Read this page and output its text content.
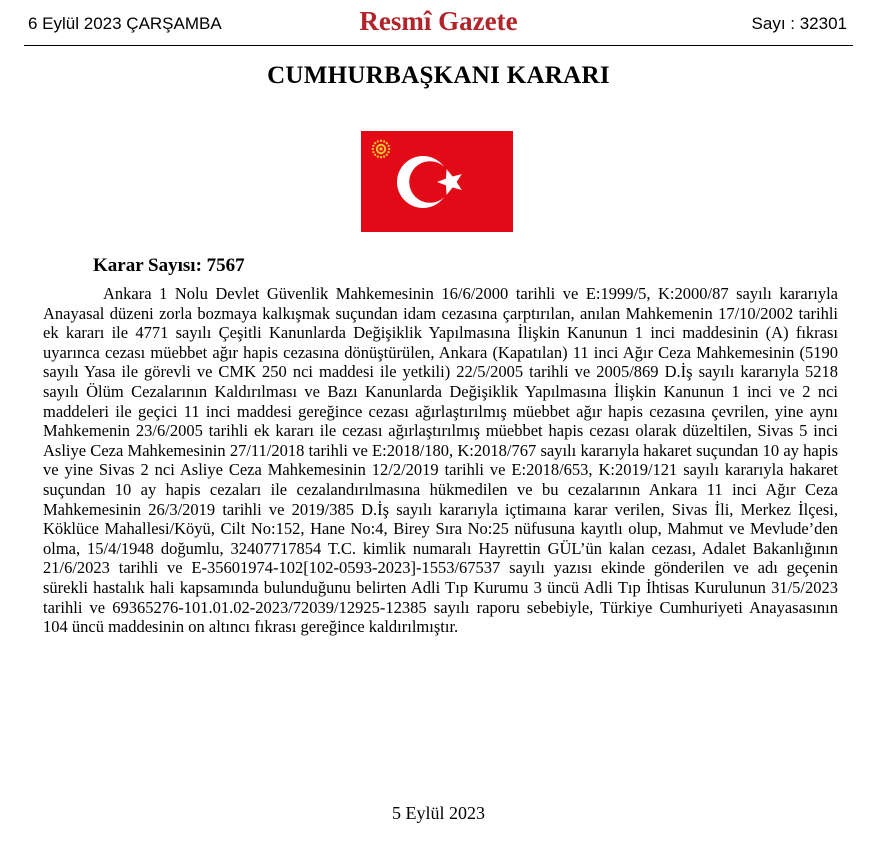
6 Eylül 2023 ÇARŞAMBA	Resmî Gazete	Sayı : 32301
CUMHURBAŞKANI KARARI
Karar Sayısı: 7567

Ankara 1 Nolu Devlet Güvenlik Mahkemesinin 16/6/2000 tarihli ve E:1999/5, K:2000/87 sayılı kararıyla Anayasal düzeni zorla bozmaya kalkışmak suçundan idam cezasına çarptırılan, anılan Mahkemenin 17/10/2002 tarihli ek kararı ile 4771 sayılı Çeşitli Kanunlarda Değişiklik Yapılmasına İlişkin Kanunun 1 inci maddesinin (A) fıkrası uyarınca cezası müebbet ağır hapis cezasına dönüştürülen, Ankara (Kapatılan) 11 inci Ağır Ceza Mahkemesinin (5190 sayılı Yasa ile görevli ve CMK 250 nci maddesi ile yetkili) 22/5/2005 tarihli ve 2005/869 D.İş sayılı kararıyla 5218 sayılı Ölüm Cezalarının Kaldırılması ve Bazı Kanunlarda Değişiklik Yapılmasına İlişkin Kanunun 1 inci ve 2 nci maddeleri ile geçici 11 inci maddesi gereğince cezası ağırlaştırılmış müebbet ağır hapis cezasına çevrilen, yine aynı Mahkemenin 23/6/2005 tarihli ek kararı ile cezası ağırlaştırılmış müebbet hapis cezası olarak düzeltilen, Sivas 5 inci Asliye Ceza Mahkemesinin 27/11/2018 tarihli ve E:2018/180, K:2018/767 sayılı kararıyla hakaret suçundan 10 ay hapis ve yine Sivas 2 nci Asliye Ceza Mahkemesinin 12/2/2019 tarihli ve E:2018/653, K:2019/121 sayılı kararıyla hakaret suçundan 10 ay hapis cezaları ile cezalandırılmasına hükmedilen ve bu cezalarının Ankara 11 inci Ağır Ceza Mahkemesinin 26/3/2019 tarihli ve 2019/385 D.İş sayılı kararıyla içtimaına karar verilen, Sivas İli, Merkez İlçesi, Köklüce Mahallesi/Köyü, Cilt No:152, Hane No:4, Birey Sıra No:25 nüfusuna kayıtlı olup, Mahmut ve Mevlude’den olma, 15/4/1948 doğumlu, 32407717854 T.C. kimlik numaralı Hayrettin GÜL’ün kalan cezası, Adalet Bakanlığının 21/6/2023 tarihli ve E-35601974-102[102-0593-2023]-1553/67537 sayılı yazısı ekinde gönderilen ve adı geçenin sürekli hastalık hali kapsamında bulunduğunu belirten Adli Tıp Kurumu 3 üncü Adli Tıp İhtisas Kurulunun 31/5/2023 tarihli ve 69365276-101.01.02-2023/72039/12925-12385 sayılı raporu sebebiyle, Türkiye Cumhuriyeti Anayasasının 104 üncü maddesinin on altıncı fıkrası gereğince kaldırılmıştır.

5 Eylül 2023
